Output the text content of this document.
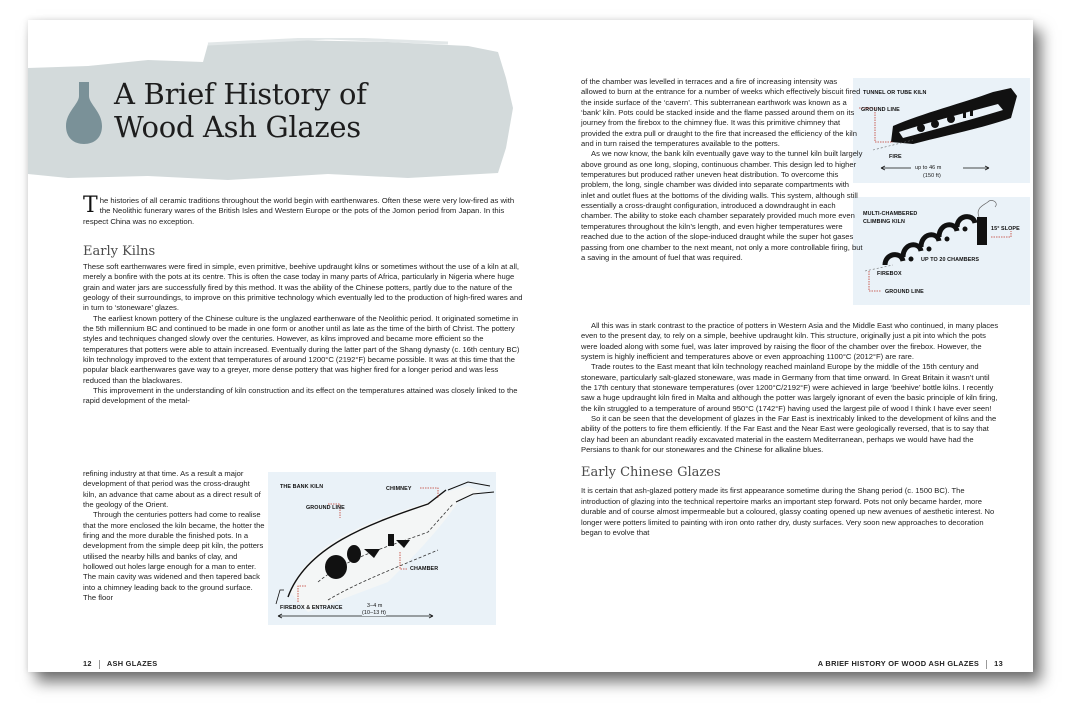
A Brief History of
Wood Ash Glazes
The histories of all ceramic traditions throughout the world begin with earthenwares. Often these were very low-fired as with the Neolithic funerary wares of the British Isles and Western Europe or the pots of the Jomon period from Japan. In this respect China was no exception.
Early Kilns

These soft earthenwares were fired in simple, even primitive, beehive updraught kilns or sometimes without the use of a kiln at all, merely a bonfire with the pots at its centre. This is often the case today in many parts of Africa, particularly in Nigeria where huge grain and water jars are successfully fired by this method. It was the ability of the Chinese potters, partly due to the nature of the geology of their surroundings, to improve on this primitive technology which eventually led to the production of high-fired wares and in turn to ‘stoneware’ glazes.

The earliest known pottery of the Chinese culture is the unglazed earthenware of the Neolithic period. It originated sometime in the 5th millennium BC and continued to be made in one form or another until as late as the time of the birth of Christ. The pottery styles and techniques changed slowly over the centuries. However, as kilns improved and became more efficient so the temperatures that potters were able to attain increased. Eventually during the latter part of the Shang dynasty (c. 16th century BC) kiln technology improved to the extent that temperatures of around 1200°C (2192°F) became possible. It was at this time that the popular black earthenwares gave way to a greyer, more dense pottery that was higher fired for a longer period and was less reduced than the blackwares.

This improvement in the understanding of kiln construction and its effect on the temperatures attained was closely linked to the rapid development of the metal-

refining industry at that time. As a result a major development of that period was the cross-draught kiln, an advance that came about as a direct result of the geology of the Orient.

Through the centuries potters had come to realise that the more enclosed the kiln became, the hotter the firing and the more durable the finished pots. In a development from the simple deep pit kiln, the potters utilised the nearby hills and banks of clay, and hollowed out holes large enough for a man to enter. The main cavity was widened and then tapered back into a chimney leading back to the ground surface. The floor

THE BANK KILN	CHIMNEY
GROUND LINE
CHAMBER
FIREBOX & ENTRANCE	3–4 m
(10–13 ft)
12 ASH GLAZES
TUNNEL OR TUBE KILN
GROUND LINE
FIRE
up to 46 m
(150 ft)
MULTI-CHAMBERED
CLIMBING KILN
15° SLOPE
UP TO 20 CHAMBERS
FIREBOX
GROUND LINE

of the chamber was levelled in terraces and a fire of increasing intensity was allowed to burn at the entrance for a number of weeks which effectively biscuit fired the inside surface of the ‘cavern’. This subterranean earthwork was known as a ‘bank’ kiln. Pots could be stacked inside and the flame passed around them on its journey from the firebox to the chimney flue. It was this primitive chimney that provided the extra pull or draught to the fire that increased the efficiency of the kiln and in turn raised the temperatures available to the potters.

As we now know, the bank kiln eventually gave way to the tunnel kiln built largely above ground as one long, sloping, continuous chamber. This design led to higher temperatures but produced rather uneven heat distribution. To overcome this problem, the long, single chamber was divided into separate compartments with inlet and outlet flues at the bottoms of the dividing walls. This system, although still essentially a cross-draught configuration, introduced a downdraught in each chamber. The ability to stoke each chamber separately provided much more even temperatures throughout the kiln’s length, and even higher temperatures were reached due to the action of the slope-induced draught while the super hot gases passing from one chamber to the next meant, not only a more controllable firing, but a saving in the amount of fuel that was required.

All this was in stark contrast to the practice of potters in Western Asia and the Middle East who continued, in many places even to the present day, to rely on a simple, beehive updraught kiln. This structure, originally just a pit into which the pots were loaded along with some fuel, was later improved by raising the floor of the chamber over the firebox. However, the system is highly inefficient and temperatures above or even approaching 1100°C (2012°F) are rare.

Trade routes to the East meant that kiln technology reached mainland Europe by the middle of the 15th century and stoneware, particularly salt-glazed stoneware, was made in Germany from that time onward. In Great Britain it wasn’t until the 17th century that stoneware temperatures (over 1200°C/2192°F) were achieved in large ‘beehive’ bottle kilns. I recently saw a huge updraught kiln fired in Malta and although the potter was largely ignorant of even the basic principle of kiln firing, the kiln struggled to a temperature of around 950°C (1742°F) having used the largest pile of wood I think I have ever seen!

So it can be seen that the development of glazes in the Far East is inextricably linked to the development of kilns and the ability of the potters to fire them efficiently. If the Far East and the Near East were geologically reversed, that is to say that clay had been an abundant readily excavated material in the eastern Mediterranean, perhaps we would have had the Persians to thank for our stonewares and the Chinese for alkaline blues.

Early Chinese Glazes

It is certain that ash-glazed pottery made its first appearance sometime during the Shang period (c. 1500 BC). The introduction of glazing into the technical repertoire marks an important step forward. Pots not only became harder, more durable and of course almost impermeable but a coloured, glassy coating opened up new avenues of aesthetic interest. No longer were potters limited to painting with iron onto rather dry, dusty surfaces. Very soon new approaches to decoration began to evolve that

A BRIEF HISTORY OF WOOD ASH GLAZES 13
